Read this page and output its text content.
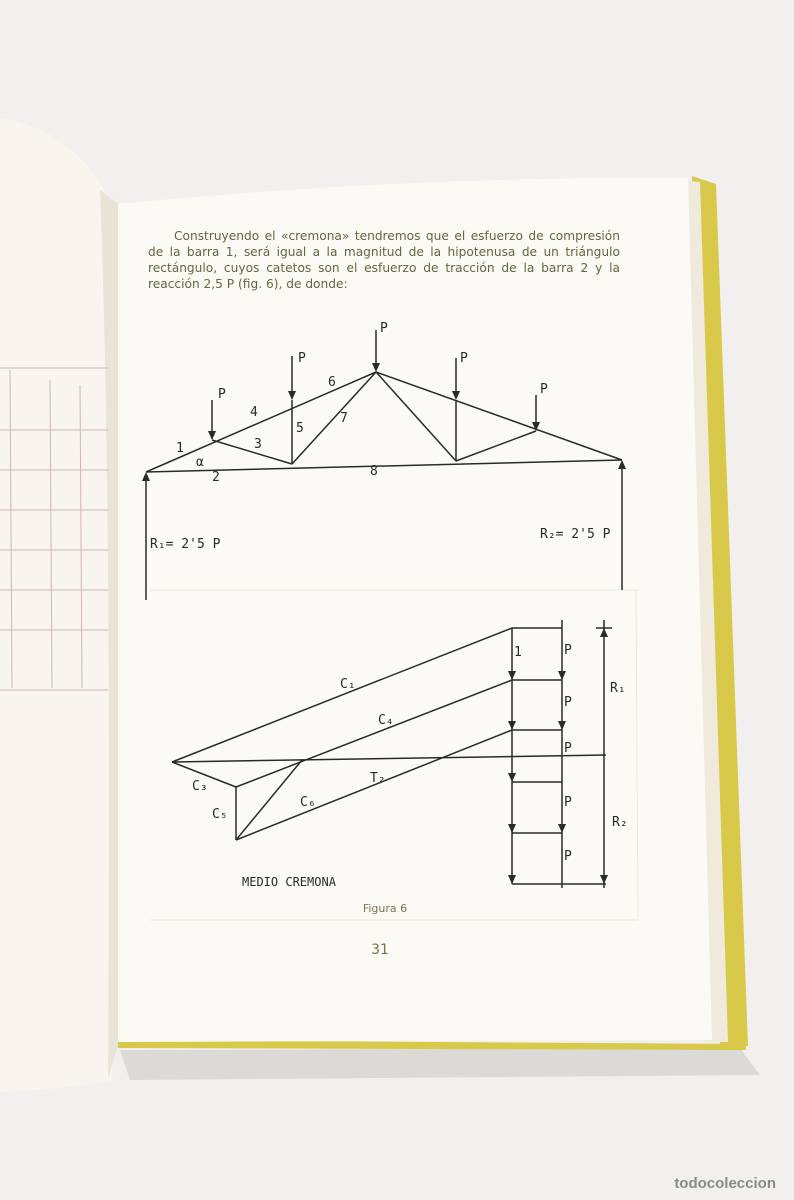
P
P
P
P
P
1
2
3
4
5
6
7
8
α
R₁= 2'5 P
R₂= 2'5 P
C₁
C₄
T₂
C₃
C₅
C₆
1	P
P
P
P
P
R₁
R₂
MEDIO CREMONA

Construyendo el «cremona» tendremos que el esfuerzo de compresión de la barra 1, será igual a la magnitud de la hipotenusa de un triángulo rectángulo, cuyos catetos son el esfuerzo de tracción de la barra 2 y la reacción 2,5 P (fig. 6), de donde:

Figura 6
31
todocoleccion
